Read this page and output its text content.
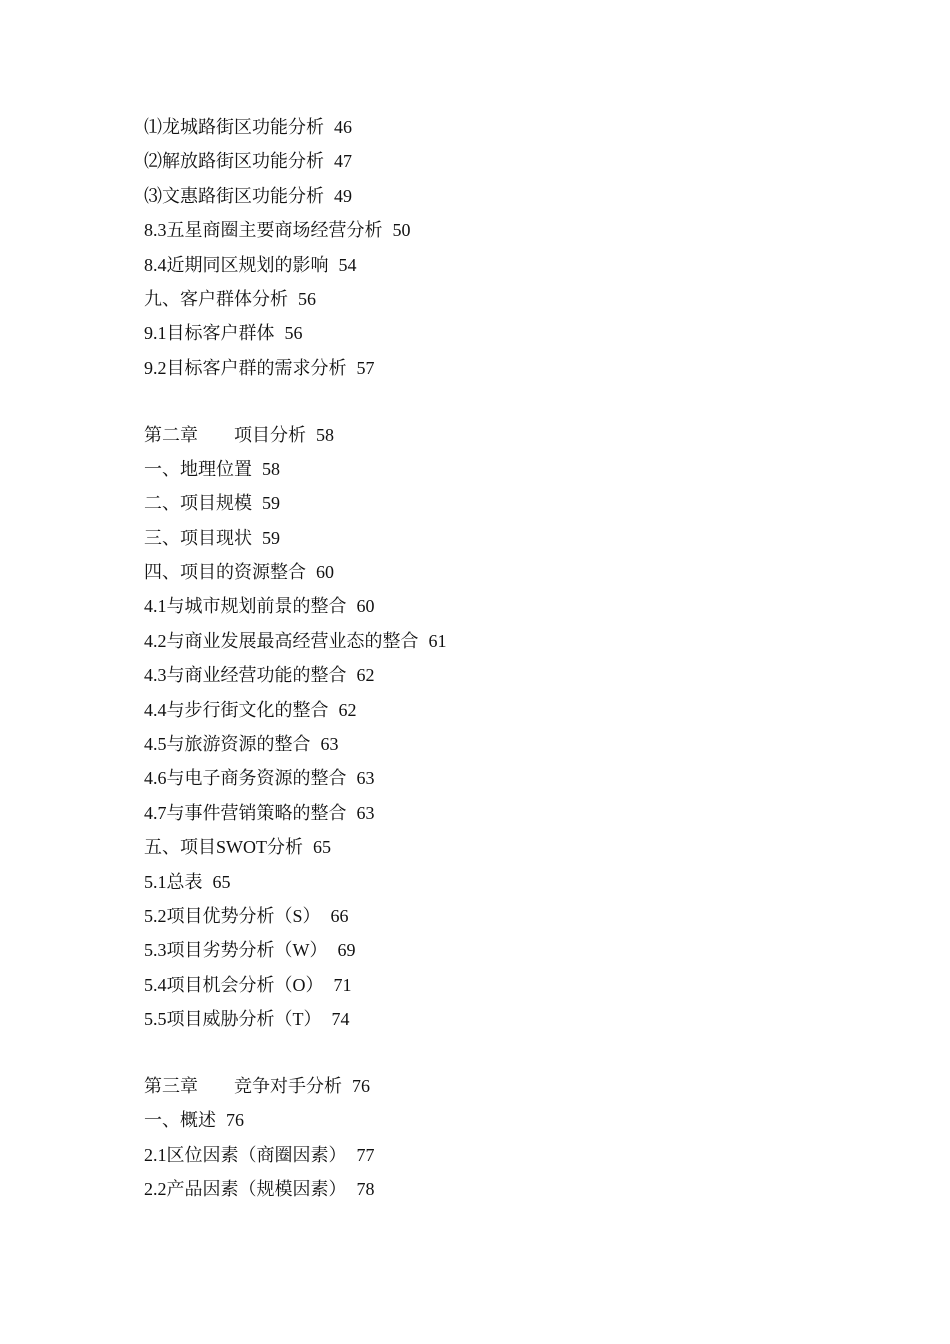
⑴龙城路街区功能分析 46
⑵解放路街区功能分析 47
⑶文惠路街区功能分析 49
8.3五星商圈主要商场经营分析 50
8.4近期同区规划的影响 54
九、客户群体分析 56
9.1目标客户群体 56
9.2目标客户群的需求分析 57
第二章　　项目分析 58
一、地理位置 58
二、项目规模 59
三、项目现状 59
四、项目的资源整合 60
4.1与城市规划前景的整合 60
4.2与商业发展最高经营业态的整合 61
4.3与商业经营功能的整合 62
4.4与步行街文化的整合 62
4.5与旅游资源的整合 63
4.6与电子商务资源的整合 63
4.7与事件营销策略的整合 63
五、项目SWOT分析 65
5.1总表 65
5.2项目优势分析（S） 66
5.3项目劣势分析（W） 69
5.4项目机会分析（O） 71
5.5项目威胁分析（T） 74
第三章　　竞争对手分析 76
一、概述 76
2.1区位因素（商圈因素） 77
2.2产品因素（规模因素） 78
